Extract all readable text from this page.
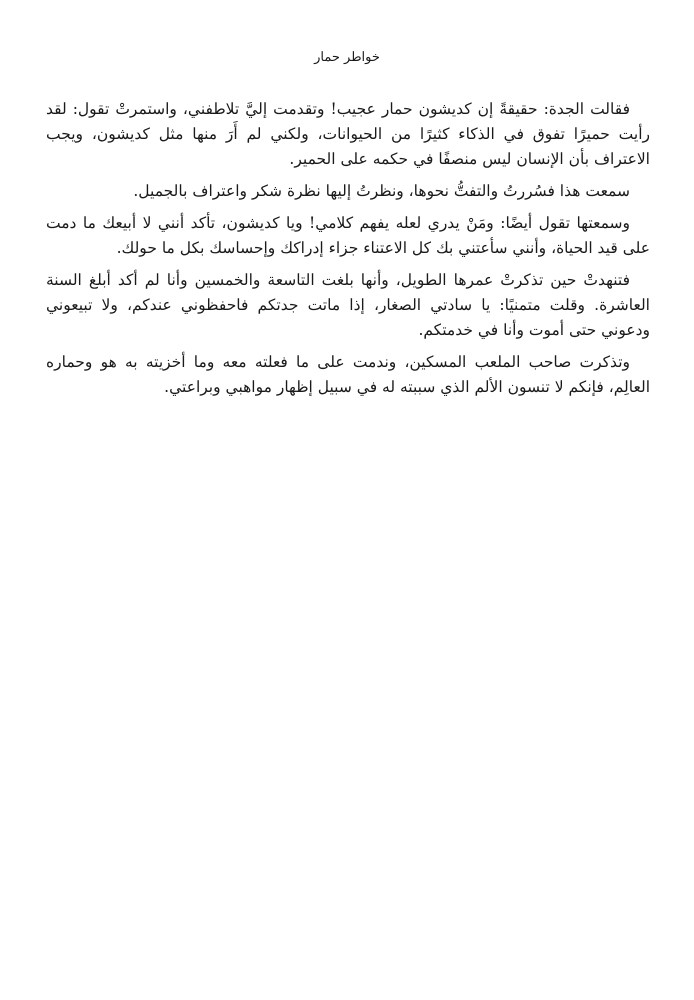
خواطر حمار

فقالت الجدة: حقيقةً إن كديشون حمار عجيب! وتقدمت إليَّ تلاطفني، واستمرتْ تقول: لقد رأيت حميرًا تفوق في الذكاء كثيرًا من الحيوانات، ولكني لم أَرَ منها مثل كديشون، ويجب الاعتراف بأن الإنسان ليس منصفًا في حكمه على الحمير.

سمعت هذا فسُررتُ والتفتُّ نحوها، ونظرتُ إليها نظرة شكر واعتراف بالجميل.

وسمعتها تقول أيضًا: ومَنْ يدري لعله يفهم كلامي! ويا كديشون، تأكد أنني لا أبيعك ما دمت على قيد الحياة، وأنني سأعتني بك كل الاعتناء جزاء إدراكك وإحساسك بكل ما حولك.

فتنهدتْ حين تذكرتْ عمرها الطويل، وأنها بلغت التاسعة والخمسين وأنا لم أكد أبلغ السنة العاشرة. وقلت متمنيًا: يا سادتي الصغار، إذا ماتت جدتكم فاحفظوني عندكم، ولا تبيعوني ودعوني حتى أموت وأنا في خدمتكم.

وتذكرت صاحب الملعب المسكين، وندمت على ما فعلته معه وما أخزيته به هو وحماره العالِم، فإنكم لا تنسون الألم الذي سببته له في سبيل إظهار مواهبي وبراعتي.
